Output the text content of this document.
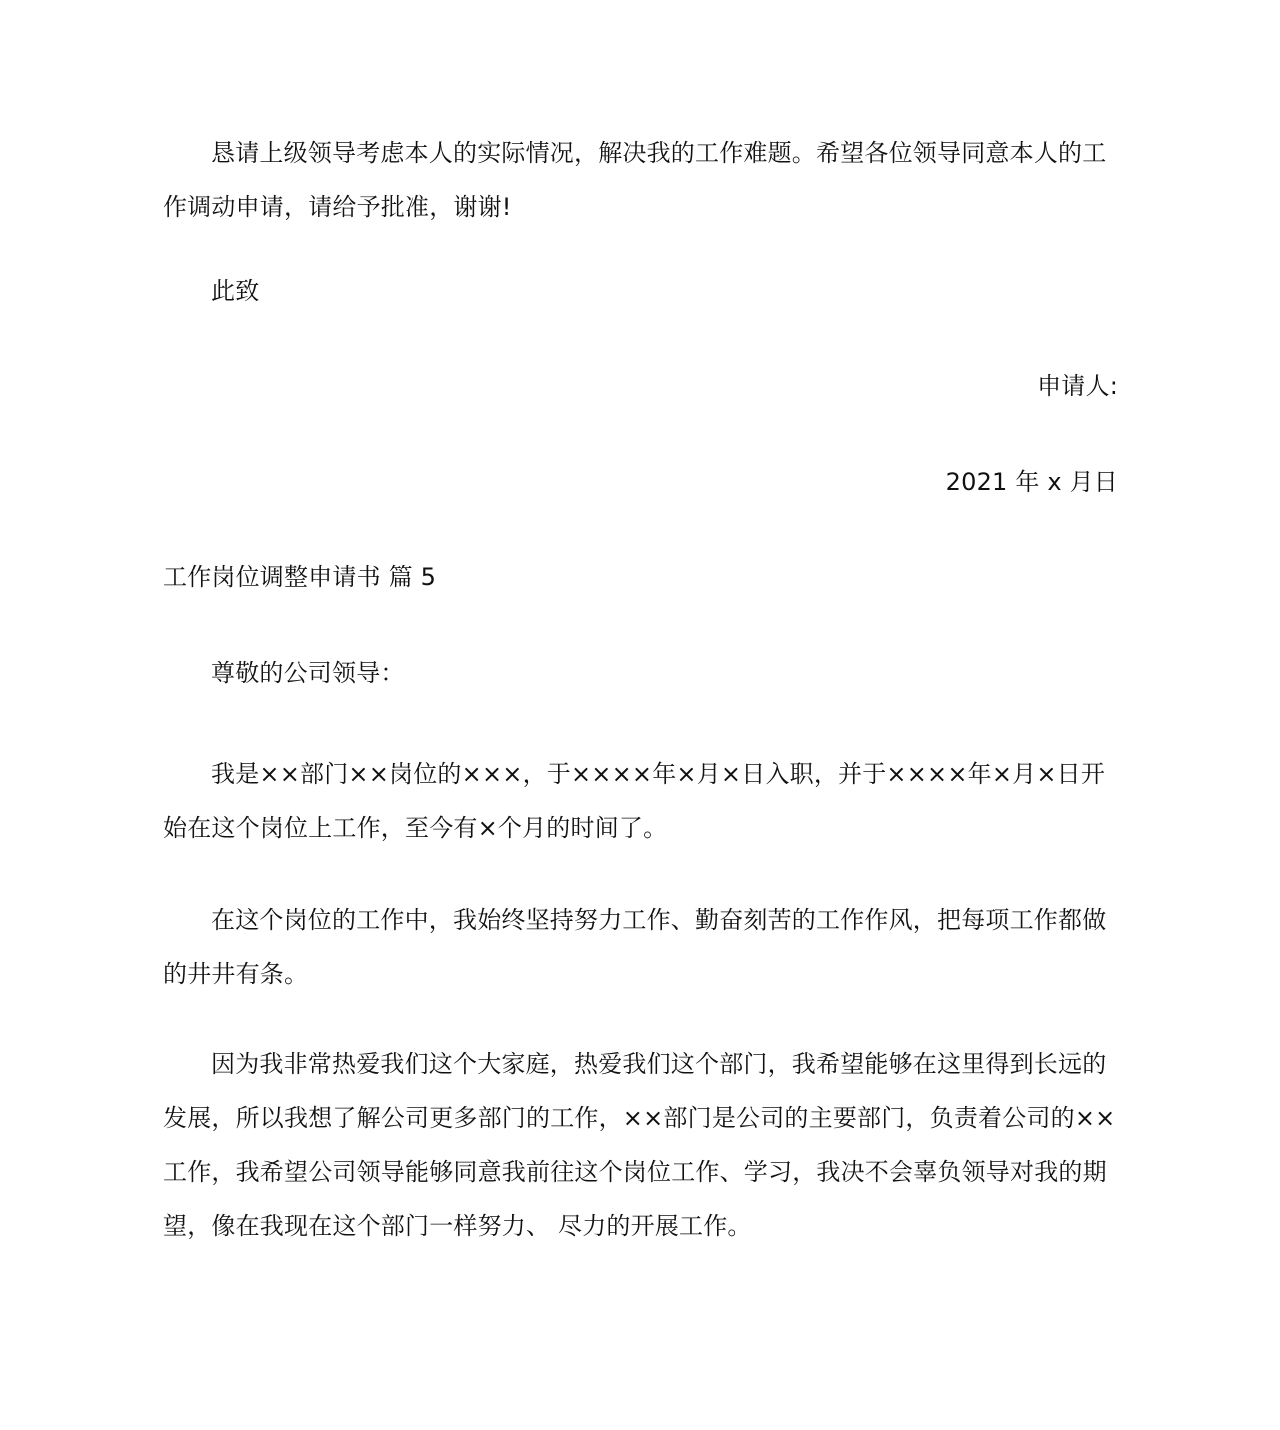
恳请上级领导考虑本人的实际情况，解决我的工作难题。希望各位领导同意本人的工作调动申请，请给予批准，谢谢!

此致

申请人:

2021 年 x 月日

工作岗位调整申请书 篇 5

尊敬的公司领导：

我是××部门××岗位的×××，于××××年×月×日入职，并于××××年×月×日开始在这个岗位上工作，至今有×个月的时间了。

在这个岗位的工作中，我始终坚持努力工作、勤奋刻苦的工作作风，把每项工作都做的井井有条。

因为我非常热爱我们这个大家庭，热爱我们这个部门，我希望能够在这里得到长远的发展，所以我想了解公司更多部门的工作，××部门是公司的主要部门，负责着公司的××工作，我希望公司领导能够同意我前往这个岗位工作、学习，我决不会辜负领导对我的期望，像在我现在这个部门一样努力、 尽力的开展工作。
